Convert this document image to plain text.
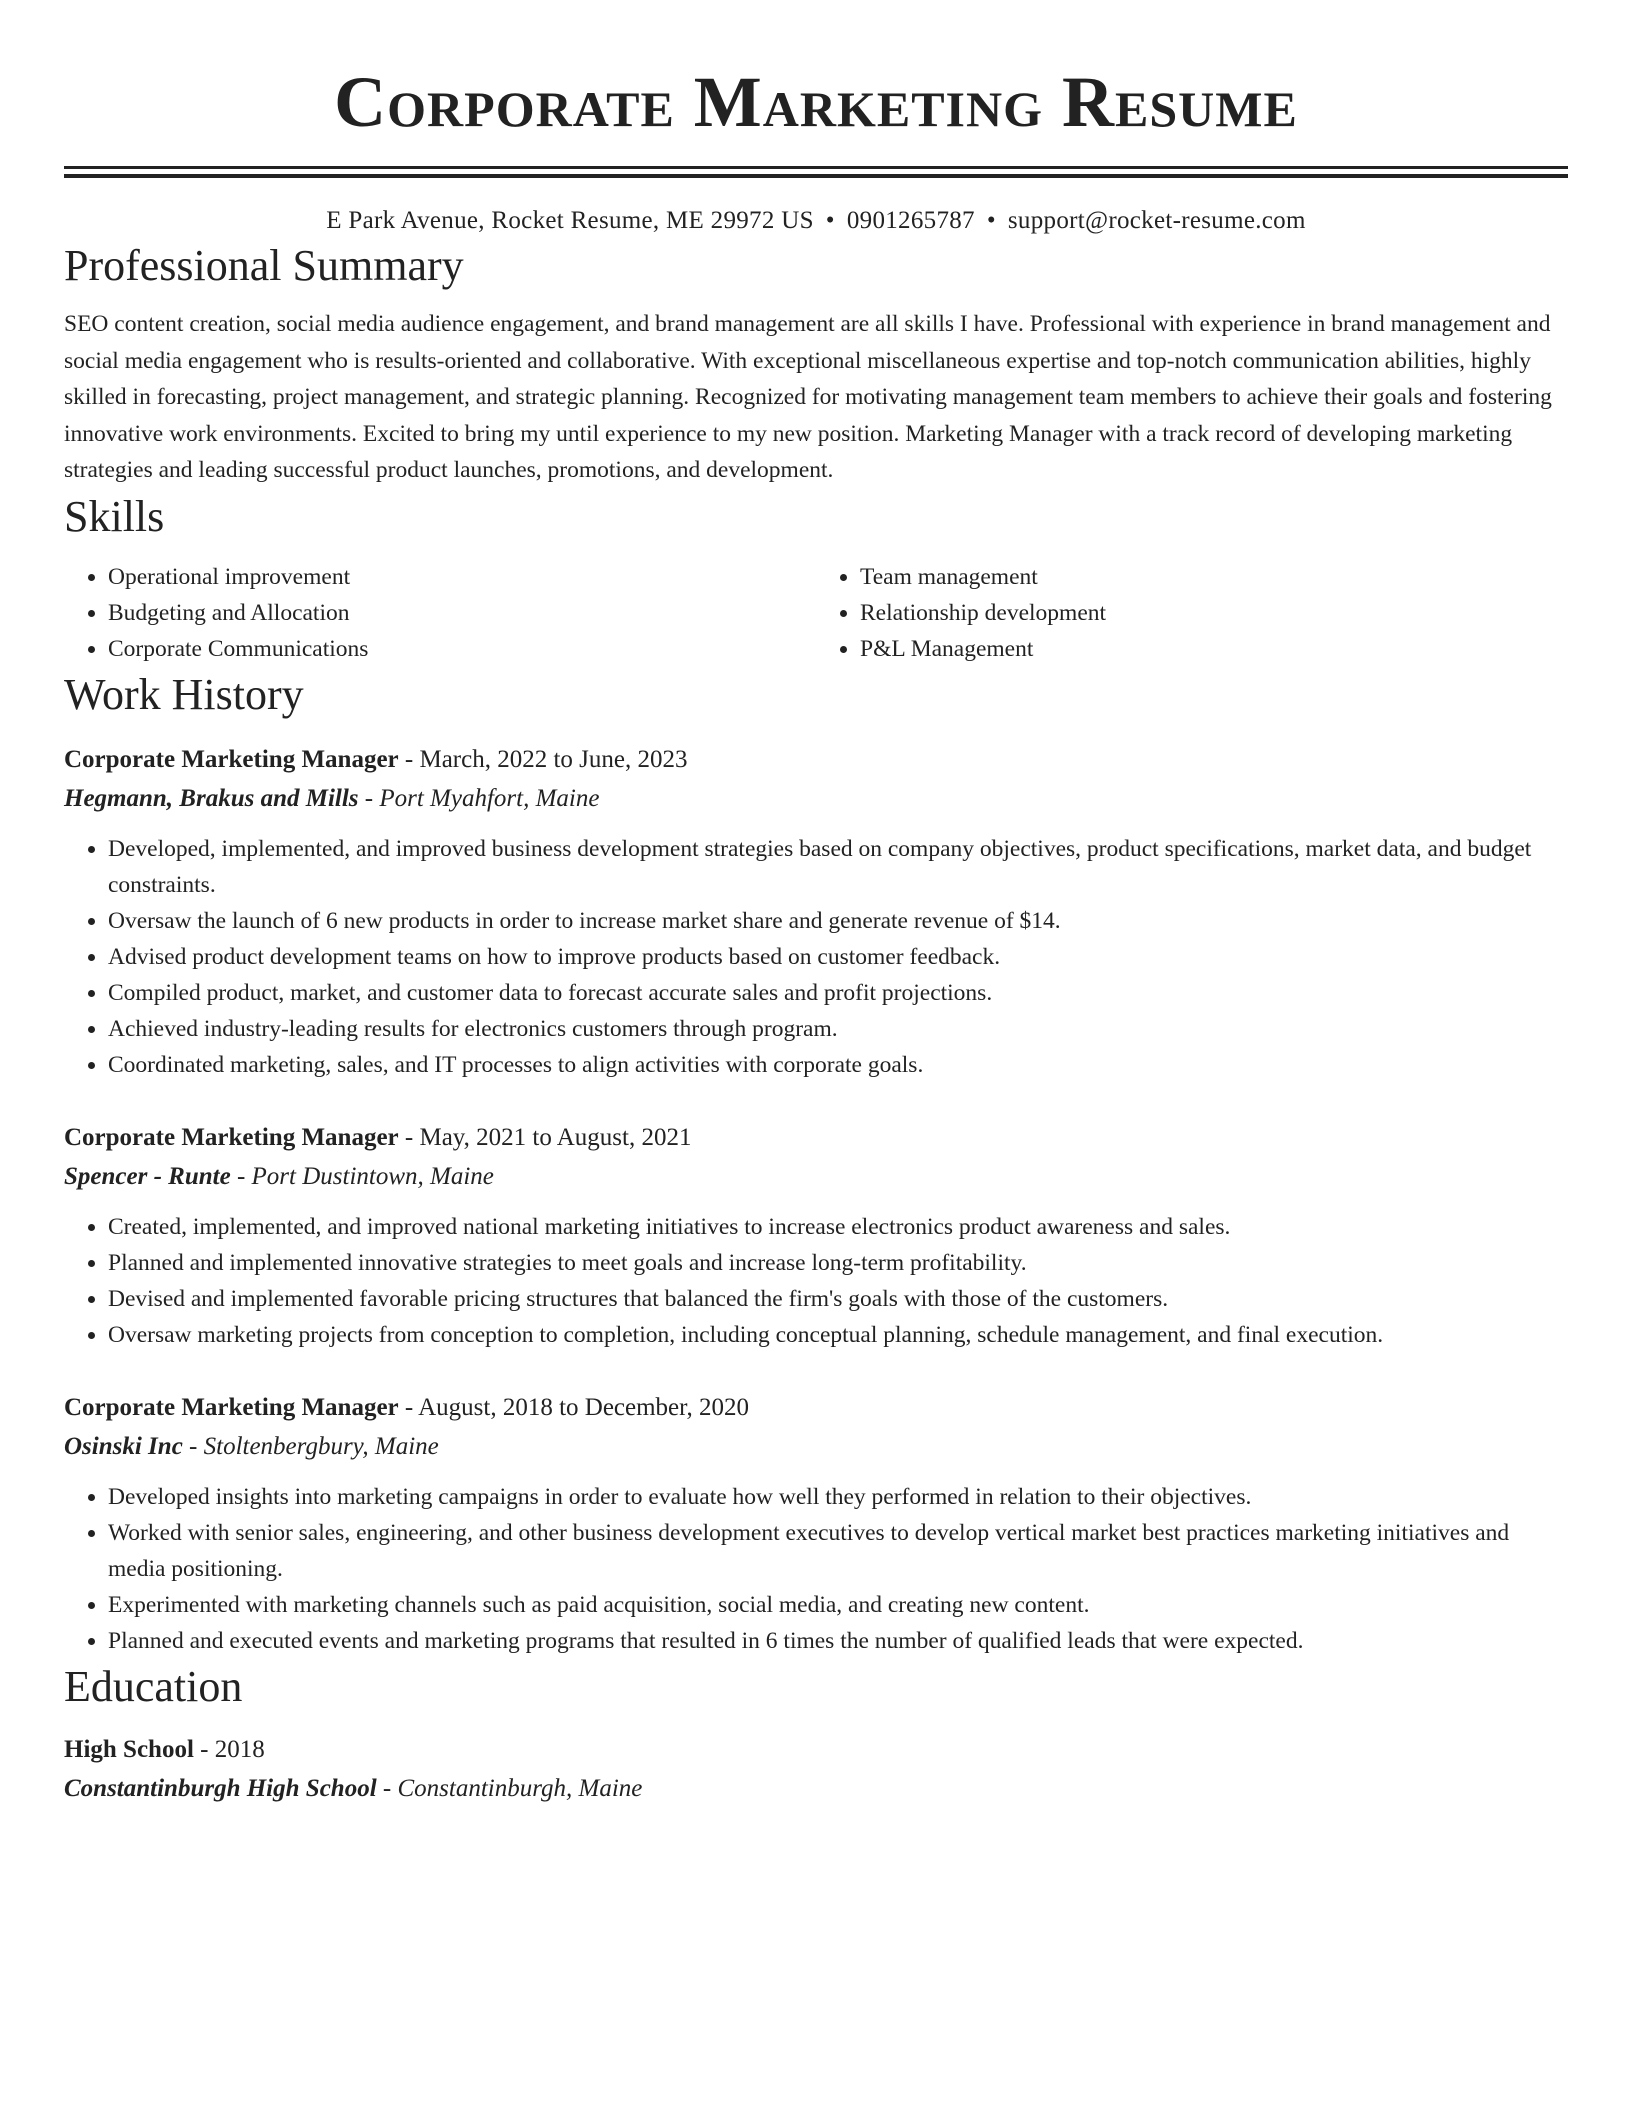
Corporate Marketing Resume
E Park Avenue, Rocket Resume, ME 29972 US • 0901265787 • support@rocket-resume.com
Professional Summary
SEO content creation, social media audience engagement, and brand management are all skills I have. Professional with experience in brand management and social media engagement who is results-oriented and collaborative. With exceptional miscellaneous expertise and top-notch communication abilities, highly skilled in forecasting, project management, and strategic planning. Recognized for motivating management team members to achieve their goals and fostering innovative work environments. Excited to bring my until experience to my new position. Marketing Manager with a track record of developing marketing strategies and leading successful product launches, promotions, and development.
Skills
• Operational improvement
• Budgeting and Allocation
• Corporate Communications
• Team management
• Relationship development
• P&L Management
Work History
Corporate Marketing Manager - March, 2022 to June, 2023
Hegmann, Brakus and Mills - Port Myahfort, Maine
• Developed, implemented, and improved business development strategies based on company objectives, product specifications, market data, and budget constraints.
• Oversaw the launch of 6 new products in order to increase market share and generate revenue of $14.
• Advised product development teams on how to improve products based on customer feedback.
• Compiled product, market, and customer data to forecast accurate sales and profit projections.
• Achieved industry-leading results for electronics customers through program.
• Coordinated marketing, sales, and IT processes to align activities with corporate goals.
Corporate Marketing Manager - May, 2021 to August, 2021
Spencer - Runte - Port Dustintown, Maine
• Created, implemented, and improved national marketing initiatives to increase electronics product awareness and sales.
• Planned and implemented innovative strategies to meet goals and increase long-term profitability.
• Devised and implemented favorable pricing structures that balanced the firm's goals with those of the customers.
• Oversaw marketing projects from conception to completion, including conceptual planning, schedule management, and final execution.
Corporate Marketing Manager - August, 2018 to December, 2020
Osinski Inc - Stoltenbergbury, Maine
• Developed insights into marketing campaigns in order to evaluate how well they performed in relation to their objectives.
• Worked with senior sales, engineering, and other business development executives to develop vertical market best practices marketing initiatives and media positioning.
• Experimented with marketing channels such as paid acquisition, social media, and creating new content.
• Planned and executed events and marketing programs that resulted in 6 times the number of qualified leads that were expected.
Education
High School - 2018
Constantinburgh High School - Constantinburgh, Maine
